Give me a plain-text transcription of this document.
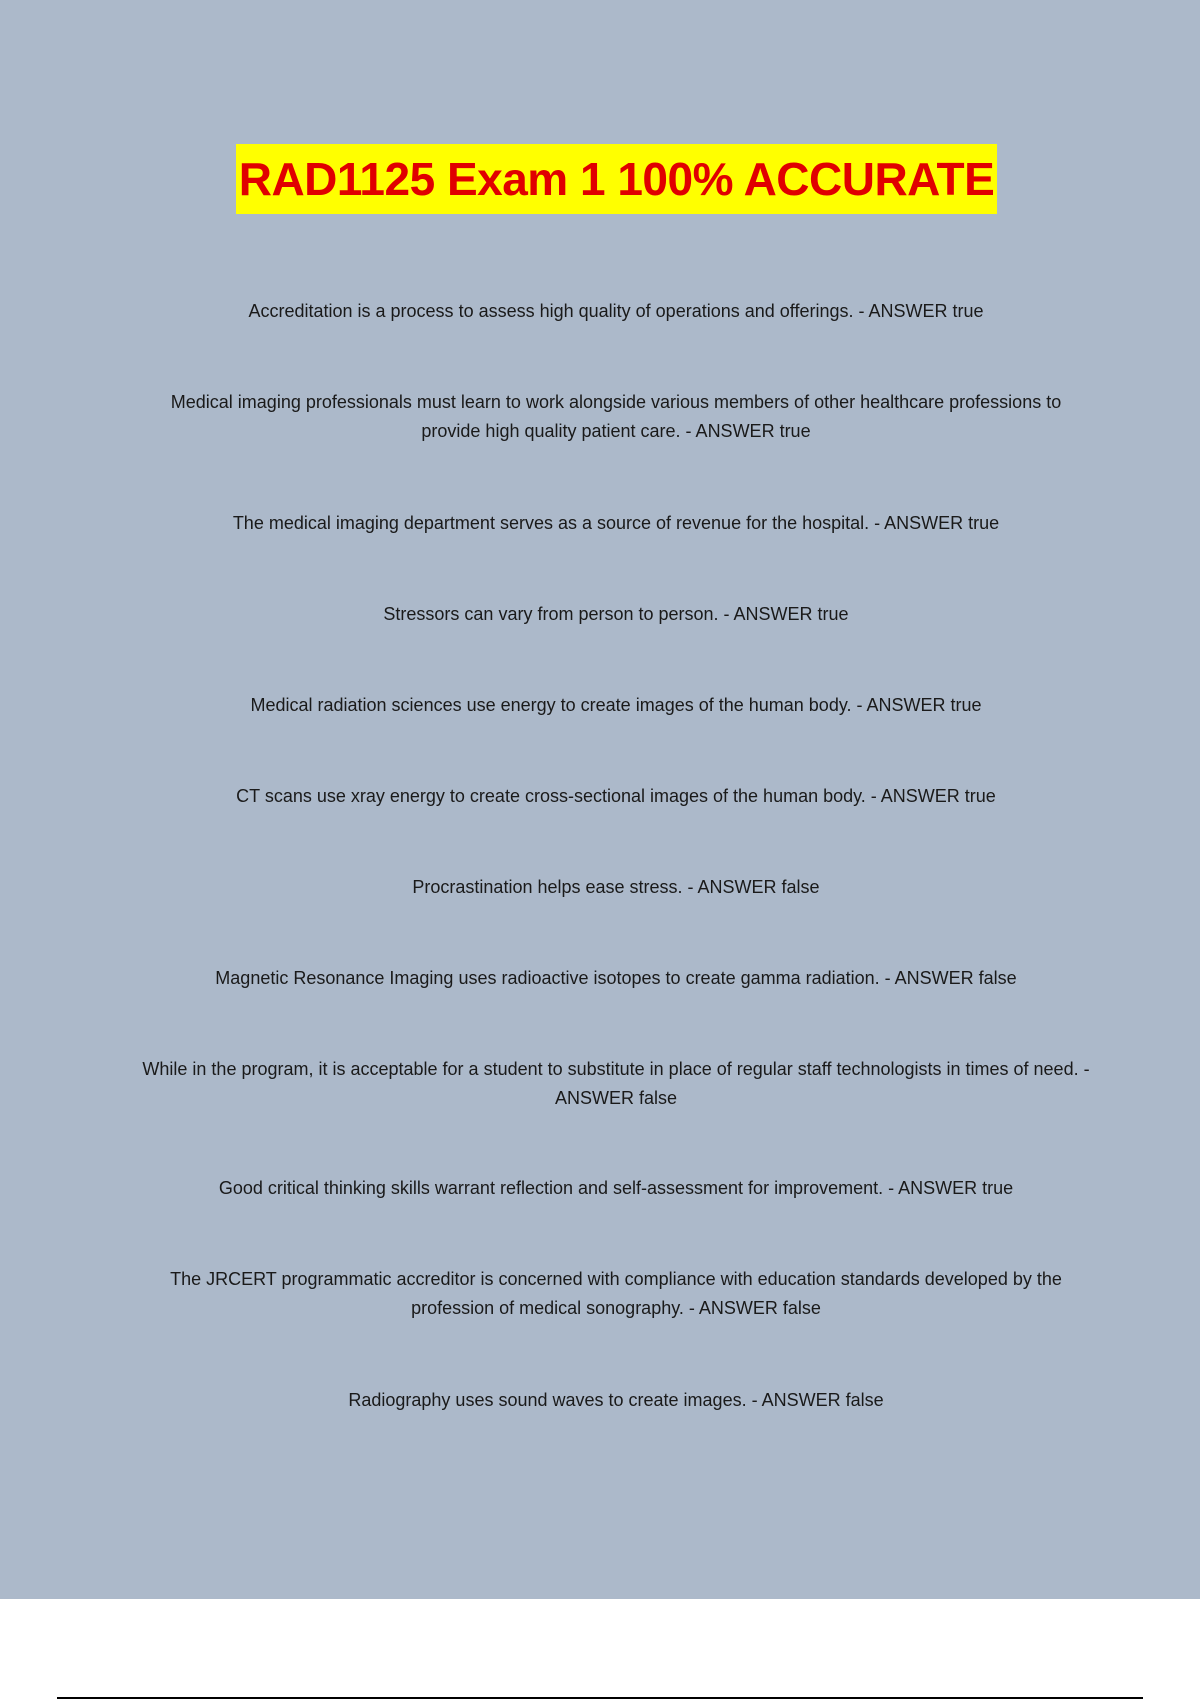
RAD1125 Exam 1 100% ACCURATE

Accreditation is a process to assess high quality of operations and offerings. - ANSWER true

Medical imaging professionals must learn to work alongside various members of other healthcare professions to provide high quality patient care. - ANSWER true

The medical imaging department serves as a source of revenue for the hospital. - ANSWER true

Stressors can vary from person to person. - ANSWER true

Medical radiation sciences use energy to create images of the human body. - ANSWER true

CT scans use xray energy to create cross-sectional images of the human body. - ANSWER true

Procrastination helps ease stress. - ANSWER false

Magnetic Resonance Imaging uses radioactive isotopes to create gamma radiation. - ANSWER false

While in the program, it is acceptable for a student to substitute in place of regular staff technologists in times of need. - ANSWER false

Good critical thinking skills warrant reflection and self-assessment for improvement. - ANSWER true

The JRCERT programmatic accreditor is concerned with compliance with education standards developed by the profession of medical sonography. - ANSWER false

Radiography uses sound waves to create images. - ANSWER false
